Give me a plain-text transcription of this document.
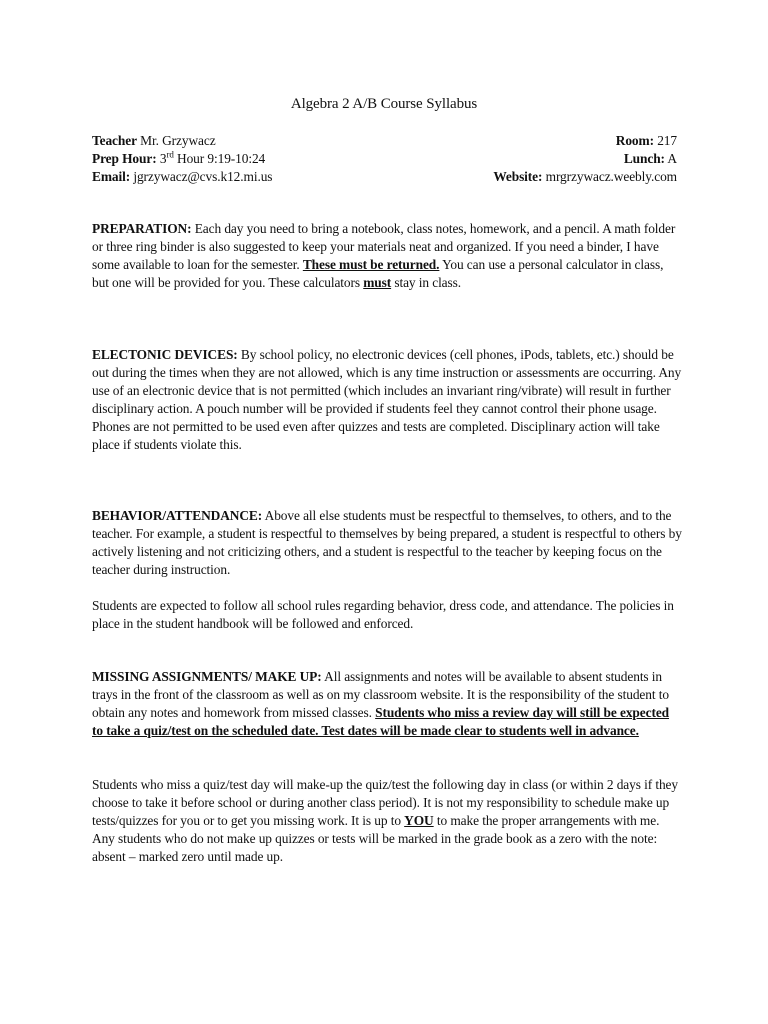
Algebra 2 A/B Course Syllabus
Teacher Mr. Grzywacz	Room: 217
Prep Hour: 3rd Hour 9:19-10:24	Lunch: A
Email: jgrzywacz@cvs.k12.mi.us	Website: mrgrzywacz.weebly.com

PREPARATION: Each day you need to bring a notebook, class notes, homework, and a pencil. A math folder or three ring binder is also suggested to keep your materials neat and organized. If you need a binder, I have some available to loan for the semester. These must be returned. You can use a personal calculator in class, but one will be provided for you. These calculators must stay in class.

ELECTONIC DEVICES: By school policy, no electronic devices (cell phones, iPods, tablets, etc.) should be out during the times when they are not allowed, which is any time instruction or assessments are occurring. Any use of an electronic device that is not permitted (which includes an invariant ring/vibrate) will result in further disciplinary action. A pouch number will be provided if students feel they cannot control their phone usage. Phones are not permitted to be used even after quizzes and tests are completed. Disciplinary action will take place if students violate this.

BEHAVIOR/ATTENDANCE: Above all else students must be respectful to themselves, to others, and to the teacher. For example, a student is respectful to themselves by being prepared, a student is respectful to others by actively listening and not criticizing others, and a student is respectful to the teacher by keeping focus on the teacher during instruction.

Students are expected to follow all school rules regarding behavior, dress code, and attendance. The policies in place in the student handbook will be followed and enforced.

MISSING ASSIGNMENTS/ MAKE UP: All assignments and notes will be available to absent students in trays in the front of the classroom as well as on my classroom website. It is the responsibility of the student to obtain any notes and homework from missed classes. Students who miss a review day will still be expected to take a quiz/test on the scheduled date. Test dates will be made clear to students well in advance.

Students who miss a quiz/test day will make-up the quiz/test the following day in class (or within 2 days if they choose to take it before school or during another class period). It is not my responsibility to schedule make up tests/quizzes for you or to get you missing work. It is up to YOU to make the proper arrangements with me. Any students who do not make up quizzes or tests will be marked in the grade book as a zero with the note: absent – marked zero until made up.
